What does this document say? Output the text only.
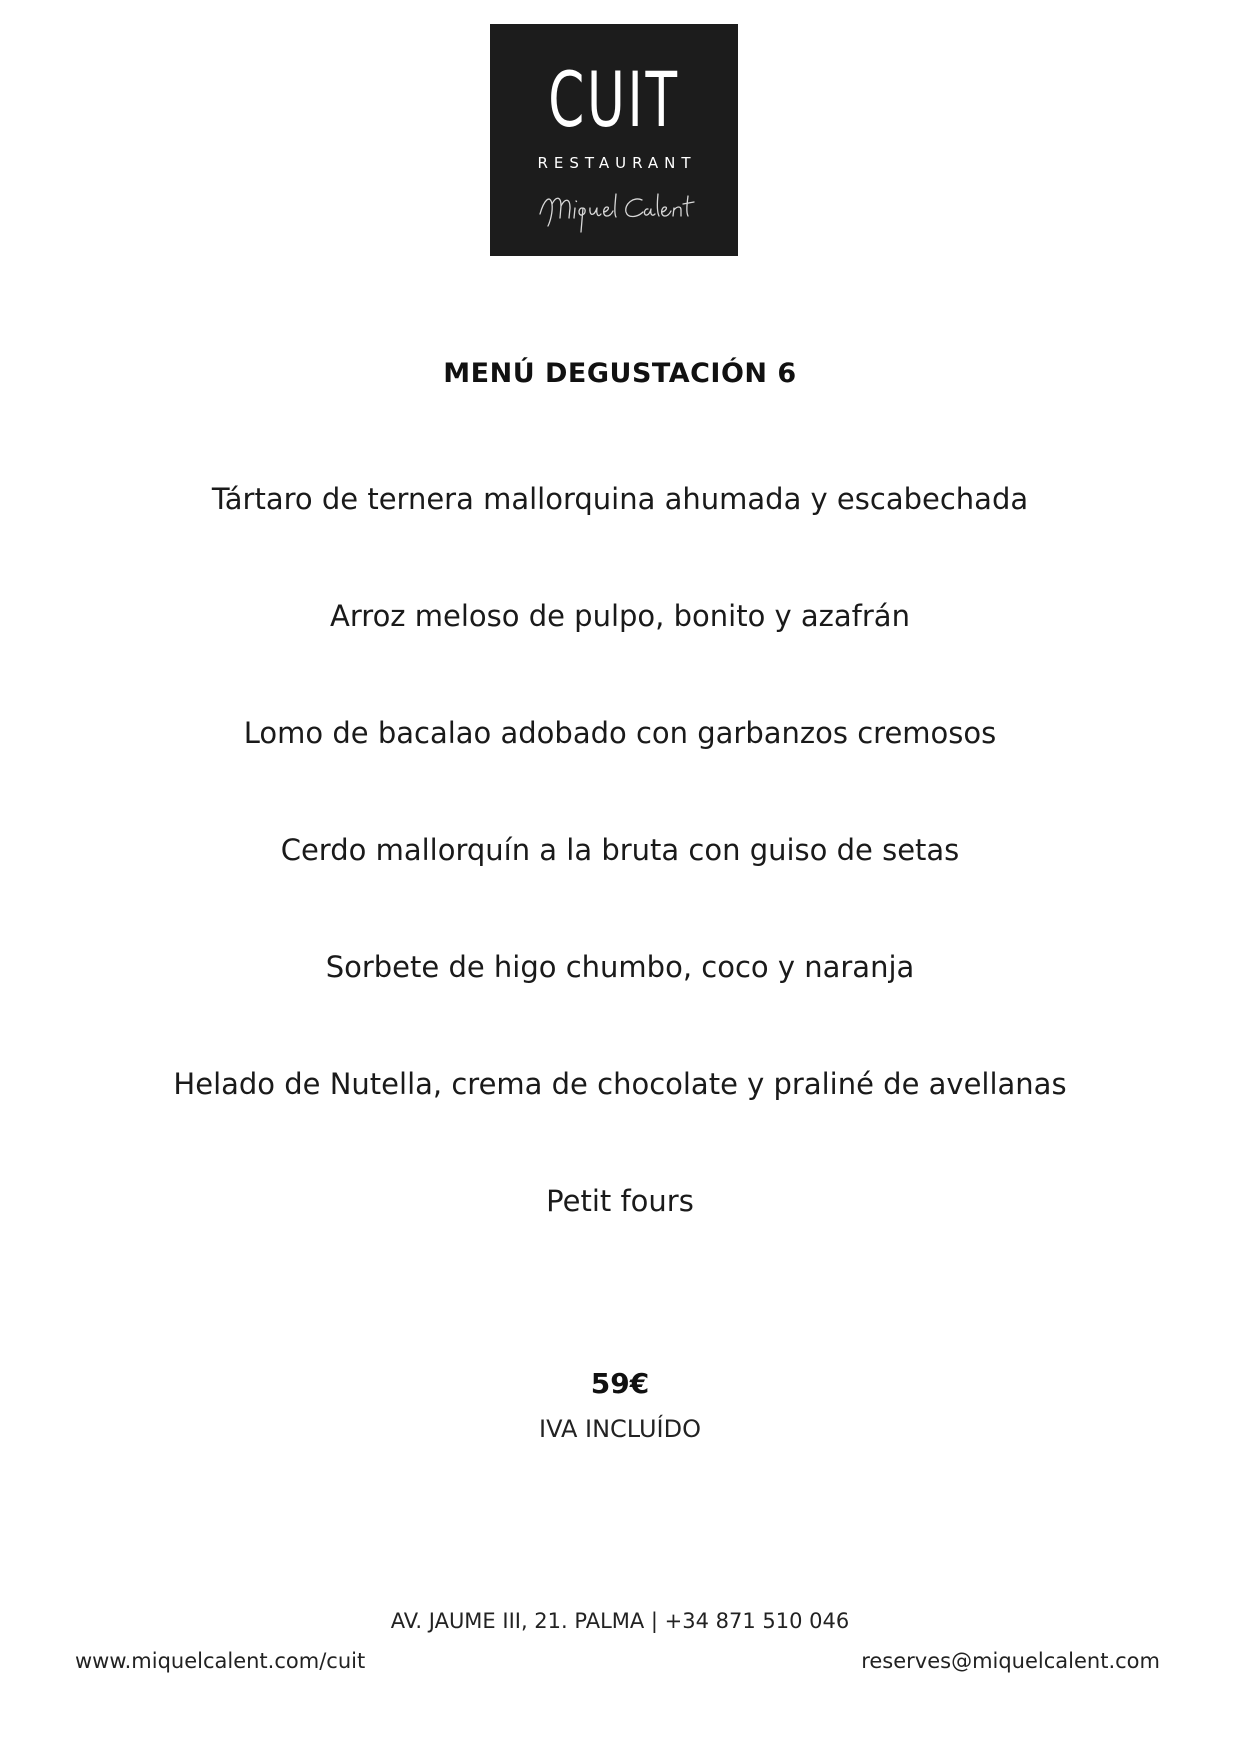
CUIT
RESTAURANT
MENÚ DEGUSTACIÓN 6
Tártaro de ternera mallorquina ahumada y escabechada
Arroz meloso de pulpo, bonito y azafrán
Lomo de bacalao adobado con garbanzos cremosos
Cerdo mallorquín a la bruta con guiso de setas
Sorbete de higo chumbo, coco y naranja
Helado de Nutella, crema de chocolate y praliné de avellanas
Petit fours
59€
IVA INCLUÍDO
AV. JAUME III, 21. PALMA | +34 871 510 046
www.miquelcalent.com/cuit	reserves@miquelcalent.com
